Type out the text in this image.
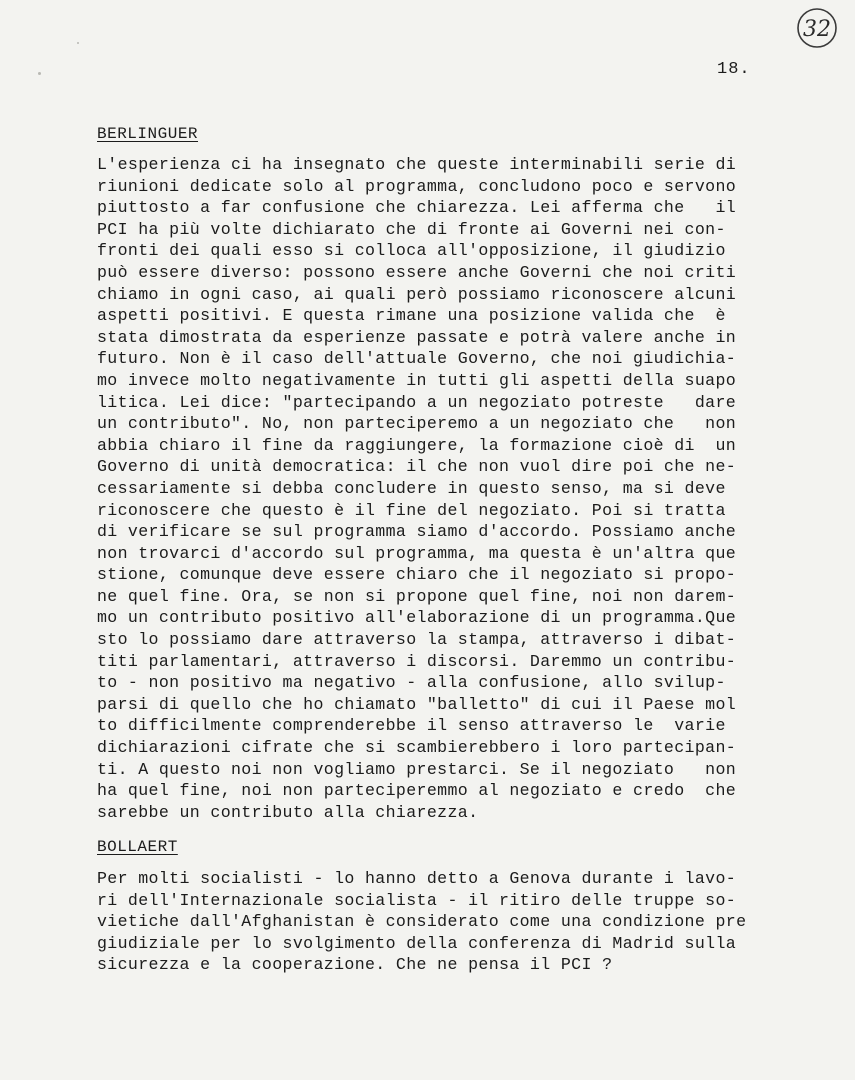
32
18.
BERLINGUER
L'esperienza ci ha insegnato che queste interminabili serie di
riunioni dedicate solo al programma, concludono poco e servono
piuttosto a far confusione che chiarezza. Lei afferma che   il
PCI ha più volte dichiarato che di fronte ai Governi nei con-
fronti dei quali esso si colloca all'opposizione, il giudizio
può essere diverso: possono essere anche Governi che noi criti
chiamo in ogni caso, ai quali però possiamo riconoscere alcuni
aspetti positivi. E questa rimane una posizione valida che  è
stata dimostrata da esperienze passate e potrà valere anche in
futuro. Non è il caso dell'attuale Governo, che noi giudichia-
mo invece molto negativamente in tutti gli aspetti della suapo
litica. Lei dice: "partecipando a un negoziato potreste   dare
un contributo". No, non parteciperemo a un negoziato che   non
abbia chiaro il fine da raggiungere, la formazione cioè di  un
Governo di unità democratica: il che non vuol dire poi che ne-
cessariamente si debba concludere in questo senso, ma si deve
riconoscere che questo è il fine del negoziato. Poi si tratta
di verificare se sul programma siamo d'accordo. Possiamo anche
non trovarci d'accordo sul programma, ma questa è un'altra que
stione, comunque deve essere chiaro che il negoziato si propo-
ne quel fine. Ora, se non si propone quel fine, noi non darem-
mo un contributo positivo all'elaborazione di un programma.Que
sto lo possiamo dare attraverso la stampa, attraverso i dibat-
titi parlamentari, attraverso i discorsi. Daremmo un contribu-
to - non positivo ma negativo - alla confusione, allo svilup-
parsi di quello che ho chiamato "balletto" di cui il Paese mol
to difficilmente comprenderebbe il senso attraverso le  varie
dichiarazioni cifrate che si scambierebbero i loro partecipan-
ti. A questo noi non vogliamo prestarci. Se il negoziato   non
ha quel fine, noi non parteciperemmo al negoziato e credo  che
sarebbe un contributo alla chiarezza.
BOLLAERT
Per molti socialisti - lo hanno detto a Genova durante i lavo-
ri dell'Internazionale socialista - il ritiro delle truppe so-
vietiche dall'Afghanistan è considerato come una condizione pre
giudiziale per lo svolgimento della conferenza di Madrid sulla
sicurezza e la cooperazione. Che ne pensa il PCI ?
